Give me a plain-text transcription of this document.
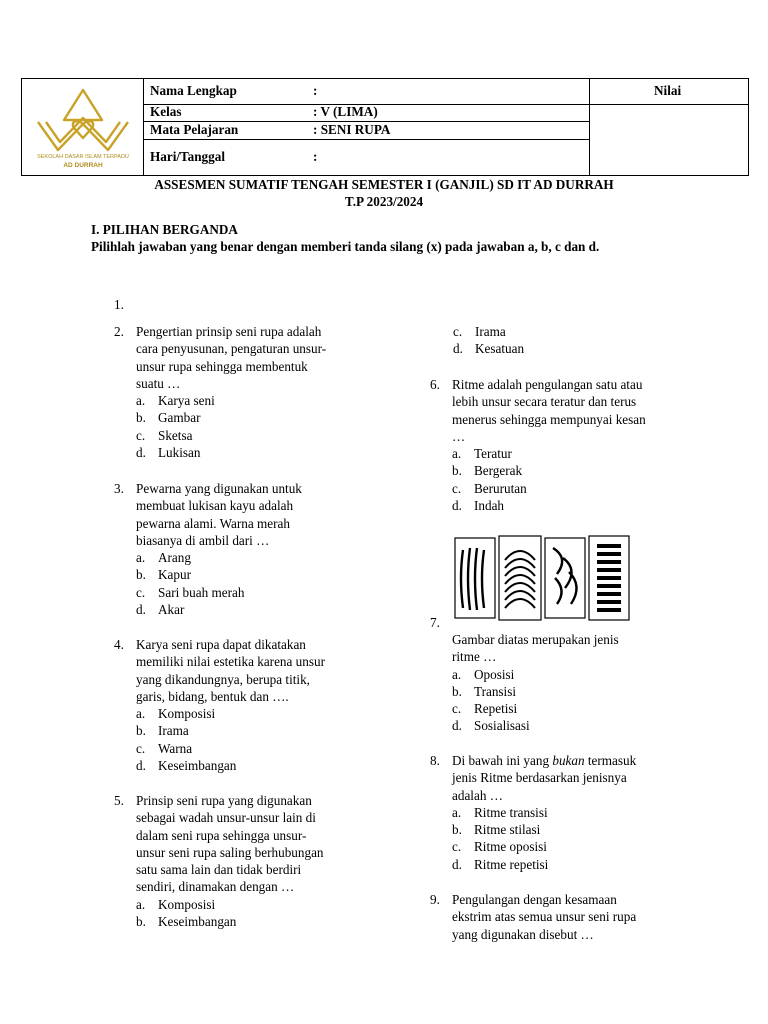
SEKOLAH DASAR ISLAM TERPADU
AD DURRAH
Nama Lengkap	:	Nilai
Kelas	: V (LIMA)
Mata Pelajaran	: SENI RUPA
Hari/Tanggal	:
ASSESMEN SUMATIF TENGAH SEMESTER I (GANJIL) SD IT AD DURRAH
T.P 2023/2024
I. PILIHAN BERGANDA
Pilihlah jawaban yang benar dengan memberi tanda silang (x) pada jawaban a, b, c dan d.
1.
2. Pengertian prinsip seni rupa adalah
cara penyusunan, pengaturan unsur-
unsur rupa sehingga membentuk
suatu …
a. Karya seni
b. Gambar
c. Sketsa
d. Lukisan
3. Pewarna yang digunakan untuk
membuat lukisan kayu adalah
pewarna alami. Warna merah
biasanya di ambil dari …
a. Arang
b. Kapur
c. Sari buah merah
d. Akar
4. Karya seni rupa dapat dikatakan
memiliki nilai estetika karena unsur
yang dikandungnya, berupa titik,
garis, bidang, bentuk dan ….
a. Komposisi
b. Irama
c. Warna
d. Keseimbangan
5. Prinsip seni rupa yang digunakan
sebagai wadah unsur-unsur lain di
dalam seni rupa sehingga unsur-
unsur seni rupa saling berhubungan
satu sama lain dan tidak berdiri
sendiri, dinamakan dengan …
a. Komposisi
b. Keseimbangan
c. Irama
d. Kesatuan
6. Ritme adalah pengulangan satu atau
lebih unsur secara teratur dan terus
menerus sehingga mempunyai kesan
…
a. Teratur
b. Bergerak
c. Berurutan
d. Indah
7.
Gambar diatas merupakan jenis
ritme …
a. Oposisi
b. Transisi
c. Repetisi
d. Sosialisasi
8. Di bawah ini yang bukan termasuk
jenis Ritme berdasarkan jenisnya
adalah …
a. Ritme transisi
b. Ritme stilasi
c. Ritme oposisi
d. Ritme repetisi
9. Pengulangan dengan kesamaan
ekstrim atas semua unsur seni rupa
yang digunakan disebut …
